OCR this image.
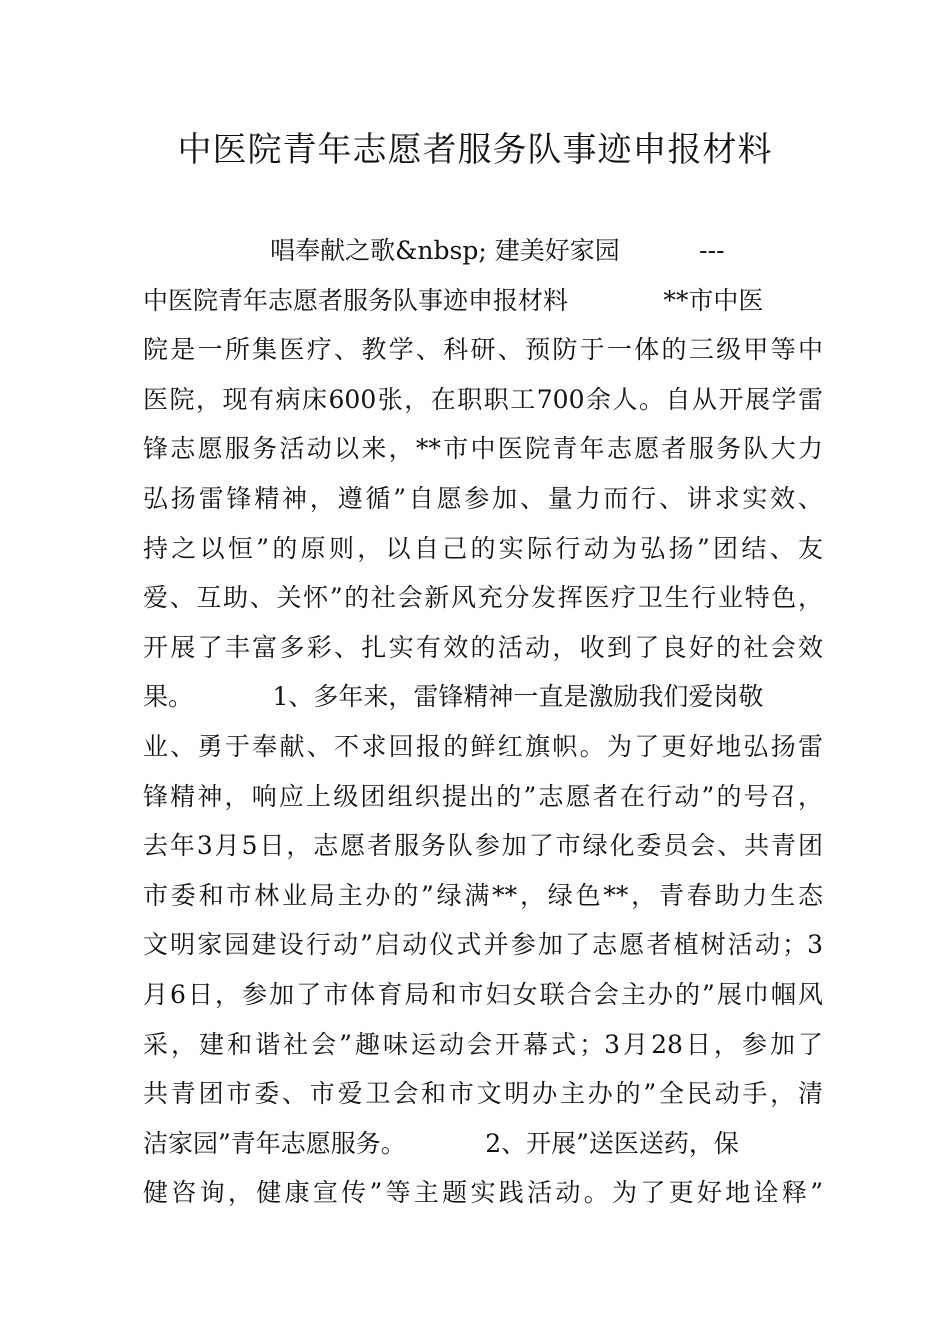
中医院青年志愿者服务队事迹申报材料
唱奉献之歌&nbsp; 建美好家园          ---
中医院青年志愿者服务队事迹申报材料            **市中医
院是一所集医疗、教学、科研、预防于一体的三级甲等中
医院，现有病床600张，在职职工700余人。自从开展学雷
锋志愿服务活动以来，**市中医院青年志愿者服务队大力
弘扬雷锋精神，遵循”自愿参加、量力而行、讲求实效、
持之以恒”的原则，以自己的实际行动为弘扬”团结、友
爱、互助、关怀”的社会新风充分发挥医疗卫生行业特色，
开展了丰富多彩、扎实有效的活动，收到了良好的社会效
果。          1、多年来，雷锋精神一直是激励我们爱岗敬
业、勇于奉献、不求回报的鲜红旗帜。为了更好地弘扬雷
锋精神，响应上级团组织提出的”志愿者在行动”的号召，
去年3月5日，志愿者服务队参加了市绿化委员会、共青团
市委和市林业局主办的”绿满**，绿色**，青春助力生态
文明家园建设行动”启动仪式并参加了志愿者植树活动；3
月6日，参加了市体育局和市妇女联合会主办的”展巾帼风
采，建和谐社会”趣味运动会开幕式；3月28日，参加了
共青团市委、市爱卫会和市文明办主办的”全民动手，清
洁家园”青年志愿服务。          2、开展”送医送药，保
健咨询，健康宣传”等主题实践活动。为了更好地诠释”
